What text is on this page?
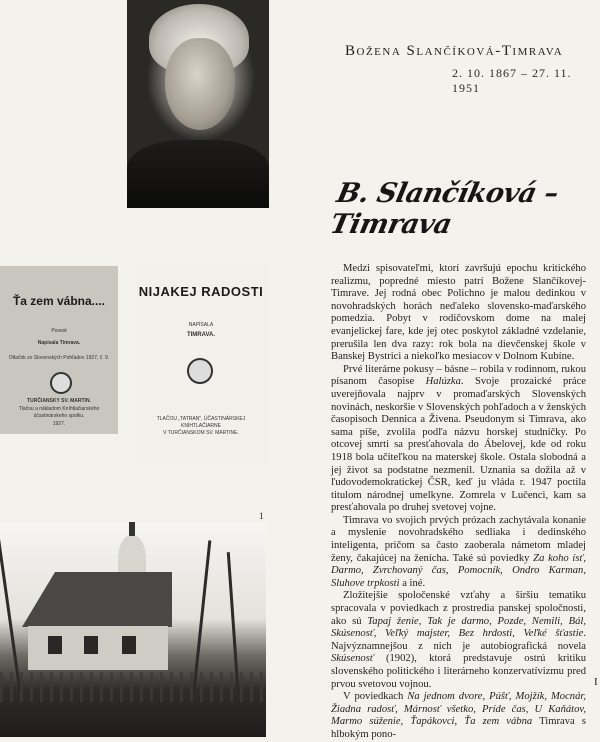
Božena Slančíková-Timrava
2. 10. 1867 – 27. 11. 1951
B. Slančíková – Timrava
Ťa zem vábna....
Povest
Napísala Timrava.
Otlačok zo Slovenských Pohľadov 1927, č. 9.
TURČIANSKY SV. MARTIN.
Tlačou a nákladom Kníhtlačiarského účastinárskeho spolku.
1927.
NIJAKEJ RADOSTI
NAPÍSALA
TIMRAVA.
TLAČOU „TATRAN", ÚČASTINÁRSKEJ KNÍHTLAČIARNE
V TURČIANSKOM SV. MARTINE.
1
I

Medzi spisovateľmi, ktorí završujú epochu kritického realizmu, popredné miesto patrí Božene Slančíkovej-Timrave. Jej rodná obec Polichno je malou dedinkou v novohradských horách neďaleko slovensko-maďarského pomedzia. Pobyt v rodičovskom dome na malej evanjelickej fare, kde jej otec poskytol základné vzdelanie, prerušila len dva razy: rok bola na dievčenskej škole v Banskej Bystrici a niekoľko mesiacov v Dolnom Kubíne.

Prvé literárne pokusy – básne – robila v rodinnom, rukou písanom časopise Halúzka. Svoje prozaické práce uverejňovala najprv v promaďarských Slovenských novinách, neskoršie v Slovenských pohľadoch a v ženských časopisoch Dennica a Živena. Pseudonym si Timrava, ako sama píše, zvolila podľa názvu horskej studničky. Po otcovej smrti sa presťahovala do Ábelovej, kde od roku 1918 bola učiteľkou na materskej škole. Ostala slobodná a jej život sa podstatne nezmenil. Uznania sa dožila až v ľudovodemokratickej ČSR, keď ju vláda r. 1947 poctila titulom národnej umelkyne. Zomrela v Lučenci, kam sa presťahovala po druhej svetovej vojne.

Timrava vo svojich prvých prózach zachytávala konanie a myslenie novohradského sedliaka i dedinského inteligenta, pričom sa často zaoberala námetom mladej ženy, čakajúcej na ženícha. Také sú poviedky Za koho ísť, Darmo, Zvrchovaný čas, Pomocník, Ondro Karman, Sluhove trpkosti a iné.

Zložitejšie spoločenské vzťahy a širšiu tematiku spracovala v poviedkach z prostredia panskej spoločnosti, ako sú Tapaj ženie, Tak je darmo, Pozde, Nemili, Bál, Skúsenosť, Veľký majster, Bez hrdosti, Veľké šťastie. Najvýznamnejšou z nich je autobiografická novela Skúsenosť (1902), ktorá predstavuje ostrú kritiku slovenského politického i literárneho konzervatívizmu pred prvou svetovou vojnou.

V poviedkach Na jednom dvore, Púšť, Mojžík, Mocnár, Žiadna radosť, Márnosť všetko, Príde čas, U Kaňátov, Marmo súženie, Ťapákovci, Ťa zem vábna Timrava s hlbokým pono-
